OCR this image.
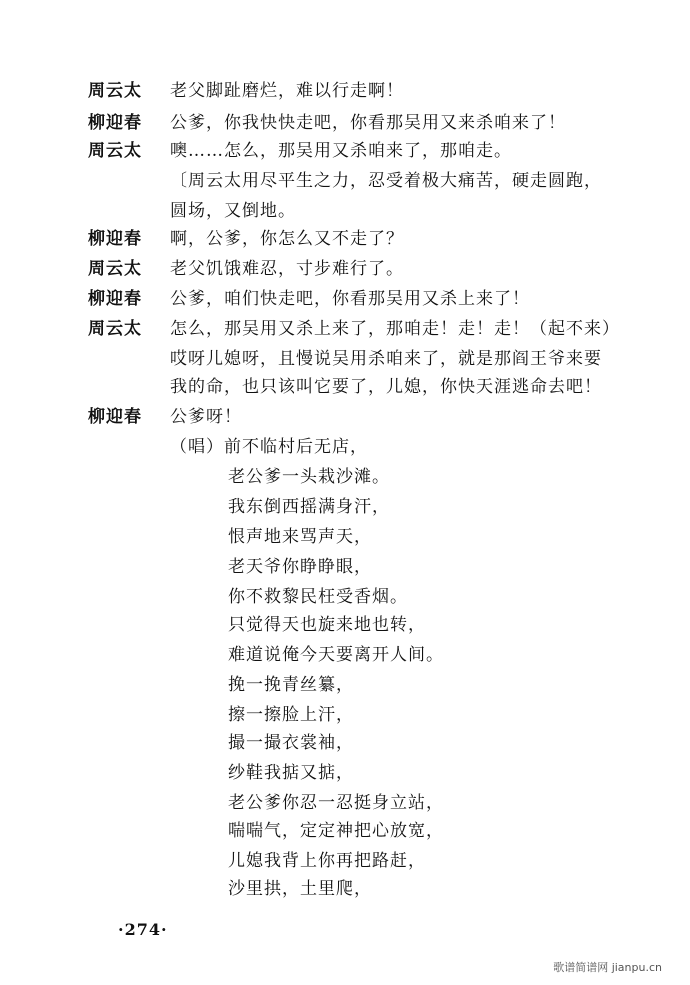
周云太	老父脚趾磨烂，难以行走啊！
柳迎春	公爹，你我快快走吧，你看那吴用又来杀咱来了！
周云太	噢……怎么，那吴用又杀咱来了，那咱走。
〔周云太用尽平生之力，忍受着极大痛苦，硬走圆跑，
圆场，又倒地。
柳迎春	啊，公爹，你怎么又不走了？
周云太	老父饥饿难忍，寸步难行了。
柳迎春	公爹，咱们快走吧，你看那吴用又杀上来了！
周云太	怎么，那吴用又杀上来了，那咱走！走！走！（起不来）
哎呀儿媳呀，且慢说吴用杀咱来了，就是那阎王爷来要
我的命，也只该叫它要了，儿媳，你快天涯逃命去吧！
柳迎春	公爹呀！
（唱）前不临村后无店，
老公爹一头栽沙滩。
我东倒西摇满身汗，
恨声地来骂声天，
老天爷你睁睁眼，
你不救黎民枉受香烟。
只觉得天也旋来地也转，
难道说俺今天要离开人间。
挽一挽青丝纂，
擦一擦脸上汗，
撮一撮衣裳袖，
纱鞋我掂又掂，
老公爹你忍一忍挺身立站，
喘喘气，定定神把心放宽，
儿媳我背上你再把路赶，
沙里拱，土里爬，
·274·
歌谱简谱网 jianpu.cn
